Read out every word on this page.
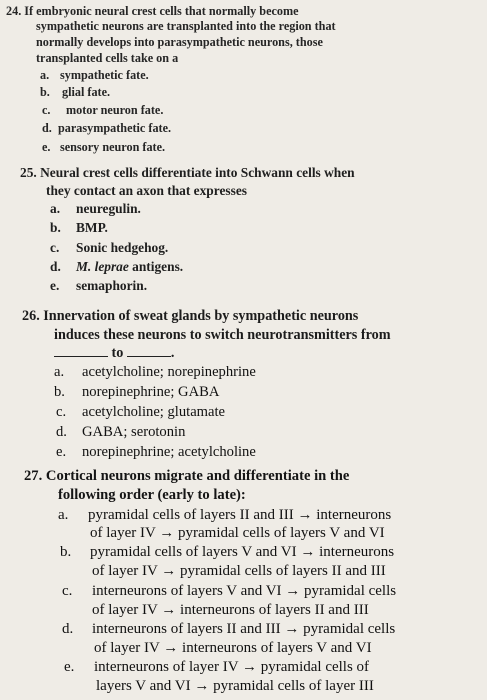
24. If embryonic neural crest cells that normally become
sympathetic neurons are transplanted into the region that
normally develops into parasympathetic neurons, those
transplanted cells take on a
a. sympathetic fate.
b. glial fate.
c. motor neuron fate.
d. parasympathetic fate.
e. sensory neuron fate.
25. Neural crest cells differentiate into Schwann cells when
they contact an axon that expresses
a. neuregulin.
b. BMP.
c. Sonic hedgehog.
d. M. leprae antigens.
e. semaphorin.
26. Innervation of sweat glands by sympathetic neurons
induces these neurons to switch neurotransmitters from
to	.
a. acetylcholine; norepinephrine
b. norepinephrine; GABA
c. acetylcholine; glutamate
d. GABA; serotonin
e. norepinephrine; acetylcholine
27. Cortical neurons migrate and differentiate in the
following order (early to late):
a. pyramidal cells of layers II and III → interneurons
of layer IV → pyramidal cells of layers V and VI
b. pyramidal cells of layers V and VI → interneurons
of layer IV → pyramidal cells of layers II and III
c. interneurons of layers V and VI → pyramidal cells
of layer IV → interneurons of layers II and III
d. interneurons of layers II and III → pyramidal cells
of layer IV → interneurons of layers V and VI
e. interneurons of layer IV → pyramidal cells of
layers V and VI → pyramidal cells of layer III
